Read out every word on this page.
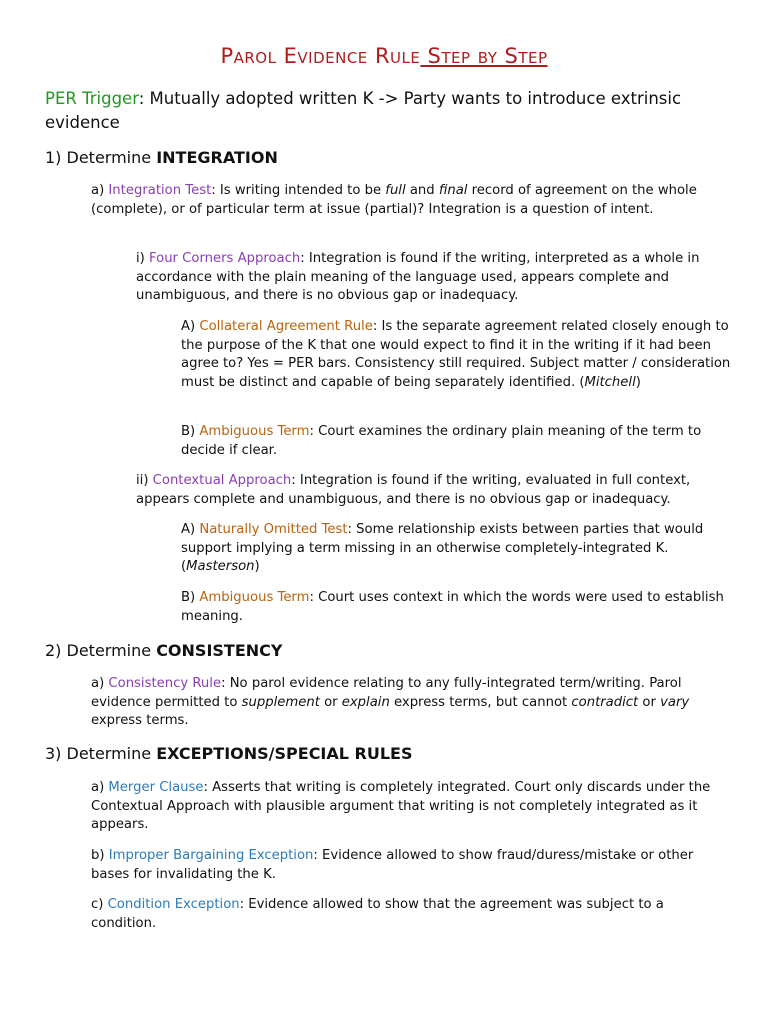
Parol Evidence Rule Step by Step
PER Trigger: Mutually adopted written K -> Party wants to introduce extrinsic evidence
1) Determine INTEGRATION
a) Integration Test: Is writing intended to be full and final record of agreement on the whole (complete), or of particular term at issue (partial)? Integration is a question of intent.
i) Four Corners Approach: Integration is found if the writing, interpreted as a whole in accordance with the plain meaning of the language used, appears complete and unambiguous, and there is no obvious gap or inadequacy.
A) Collateral Agreement Rule: Is the separate agreement related closely enough to the purpose of the K that one would expect to find it in the writing if it had been agree to? Yes = PER bars. Consistency still required. Subject matter / consideration must be distinct and capable of being separately identified. (Mitchell)
B) Ambiguous Term: Court examines the ordinary plain meaning of the term to decide if clear.
ii) Contextual Approach: Integration is found if the writing, evaluated in full context, appears complete and unambiguous, and there is no obvious gap or inadequacy.
A) Naturally Omitted Test: Some relationship exists between parties that would support implying a term missing in an otherwise completely-integrated K. (Masterson)
B) Ambiguous Term: Court uses context in which the words were used to establish meaning.
2) Determine CONSISTENCY
a) Consistency Rule: No parol evidence relating to any fully-integrated term/writing. Parol evidence permitted to supplement or explain express terms, but cannot contradict or vary express terms.
3) Determine EXCEPTIONS/SPECIAL RULES
a) Merger Clause: Asserts that writing is completely integrated. Court only discards under the Contextual Approach with plausible argument that writing is not completely integrated as it appears.
b) Improper Bargaining Exception: Evidence allowed to show fraud/duress/mistake or other bases for invalidating the K.
c) Condition Exception: Evidence allowed to show that the agreement was subject to a condition.
